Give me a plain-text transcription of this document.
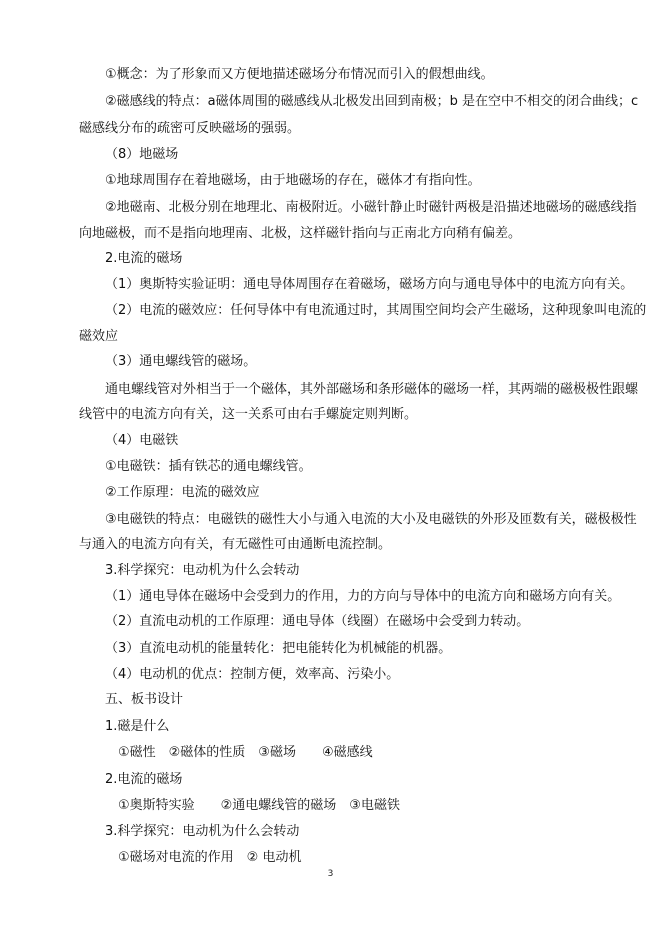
①概念：为了形象而又方便地描述磁场分布情况而引入的假想曲线。
②磁感线的特点：a磁体周围的磁感线从北极发出回到南极；b 是在空中不相交的闭合曲线；c
磁感线分布的疏密可反映磁场的强弱。
（8）地磁场
①地球周围存在着地磁场，由于地磁场的存在，磁体才有指向性。
②地磁南、北极分别在地理北、南极附近。小磁针静止时磁针两极是沿描述地磁场的磁感线指
向地磁极，而不是指向地理南、北极，这样磁针指向与正南北方向稍有偏差。
2.电流的磁场
（1）奥斯特实验证明：通电导体周围存在着磁场，磁场方向与通电导体中的电流方向有关。
（2）电流的磁效应：任何导体中有电流通过时，其周围空间均会产生磁场，这种现象叫电流的
磁效应
（3）通电螺线管的磁场。
通电螺线管对外相当于一个磁体，其外部磁场和条形磁体的磁场一样，其两端的磁极极性跟螺
线管中的电流方向有关，这一关系可由右手螺旋定则判断。
（4）电磁铁
①电磁铁：插有铁芯的通电螺线管。
②工作原理：电流的磁效应
③电磁铁的特点：电磁铁的磁性大小与通入电流的大小及电磁铁的外形及匝数有关，磁极极性
与通入的电流方向有关，有无磁性可由通断电流控制。
3.科学探究：电动机为什么会转动
（1）通电导体在磁场中会受到力的作用，力的方向与导体中的电流方向和磁场方向有关。
（2）直流电动机的工作原理：通电导体（线圈）在磁场中会受到力转动。
（3）直流电动机的能量转化：把电能转化为机械能的机器。
（4）电动机的优点：控制方便，效率高、污染小。
五、板书设计
1.磁是什么
①磁性　②磁体的性质　③磁场　　④磁感线
2.电流的磁场
①奥斯特实验　　②通电螺线管的磁场　③电磁铁
3.科学探究：电动机为什么会转动
①磁场对电流的作用　② 电动机
3
